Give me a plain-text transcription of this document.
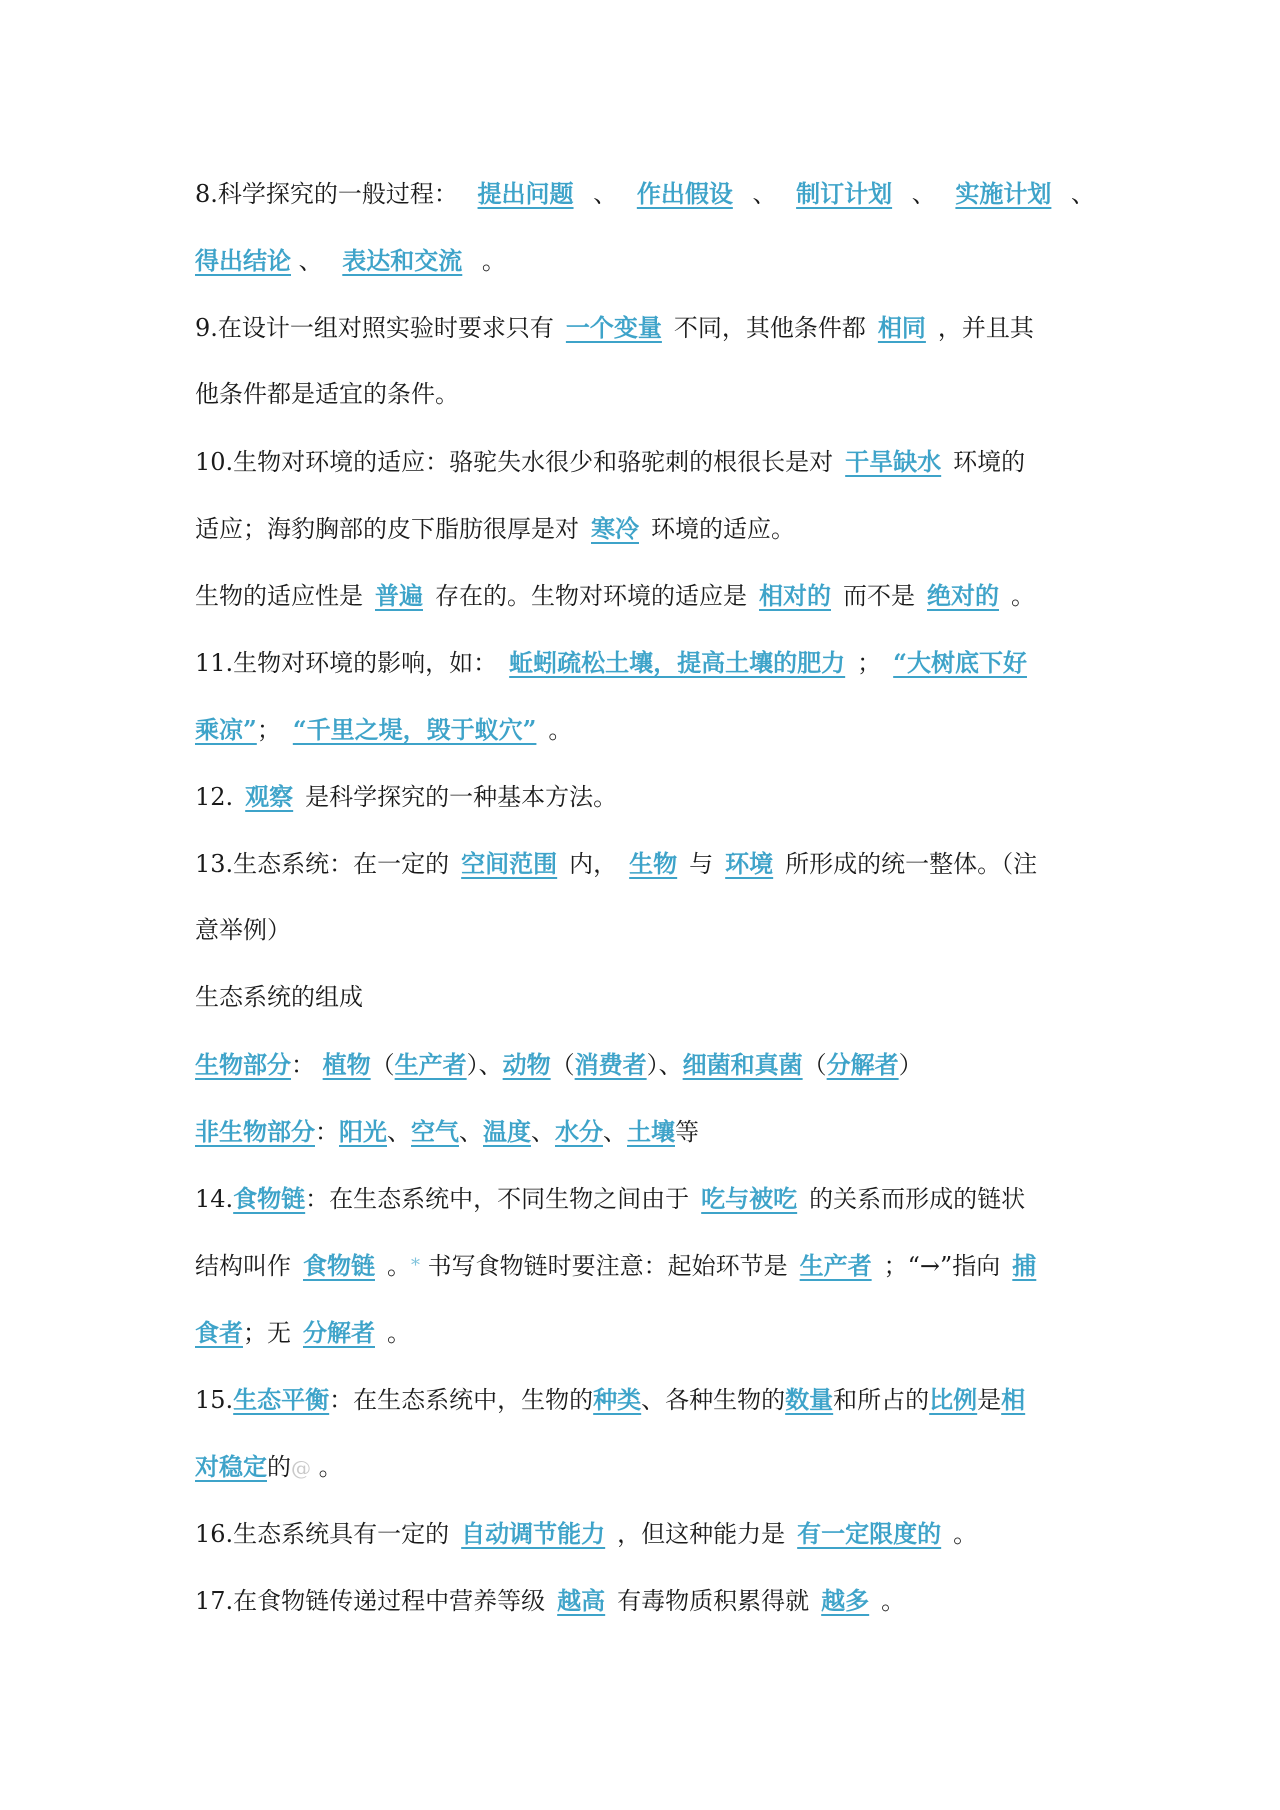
8.科学探究的一般过程： 提出问题 、 作出假设 、 制订计划 、 实施计划 、
得出结论 、 表达和交流 。
9.在设计一组对照实验时要求只有 一个变量 不同，其他条件都 相同 ，并且其
他条件都是适宜的条件。
10.生物对环境的适应：骆驼失水很少和骆驼刺的根很长是对 干旱缺水 环境的
适应；海豹胸部的皮下脂肪很厚是对 寒冷 环境的适应。
生物的适应性是 普遍 存在的。生物对环境的适应是 相对的 而不是 绝对的 。
11.生物对环境的影响，如： 蚯蚓疏松土壤，提高土壤的肥力 ； “大树底下好
乘凉”； “千里之堤，毁于蚁穴” 。
12. 观察 是科学探究的一种基本方法。
13.生态系统：在一定的 空间范围 内， 生物 与 环境 所形成的统一整体。（注
意举例）
生态系统的组成
生物部分： 植物（生产者）、动物（消费者）、细菌和真菌（分解者）
非生物部分：阳光、空气、温度、水分、土壤等
14.食物链：在生态系统中，不同生物之间由于 吃与被吃 的关系而形成的链状
结构叫作 食物链 。* 书写食物链时要注意：起始环节是 生产者 ；“→”指向 捕
食者；无 分解者 。
15.生态平衡：在生态系统中，生物的种类、各种生物的数量和所占的比例是相
对稳定的@ 。
16.生态系统具有一定的 自动调节能力 ，但这种能力是 有一定限度的 。
17.在食物链传递过程中营养等级 越高 有毒物质积累得就 越多 。
